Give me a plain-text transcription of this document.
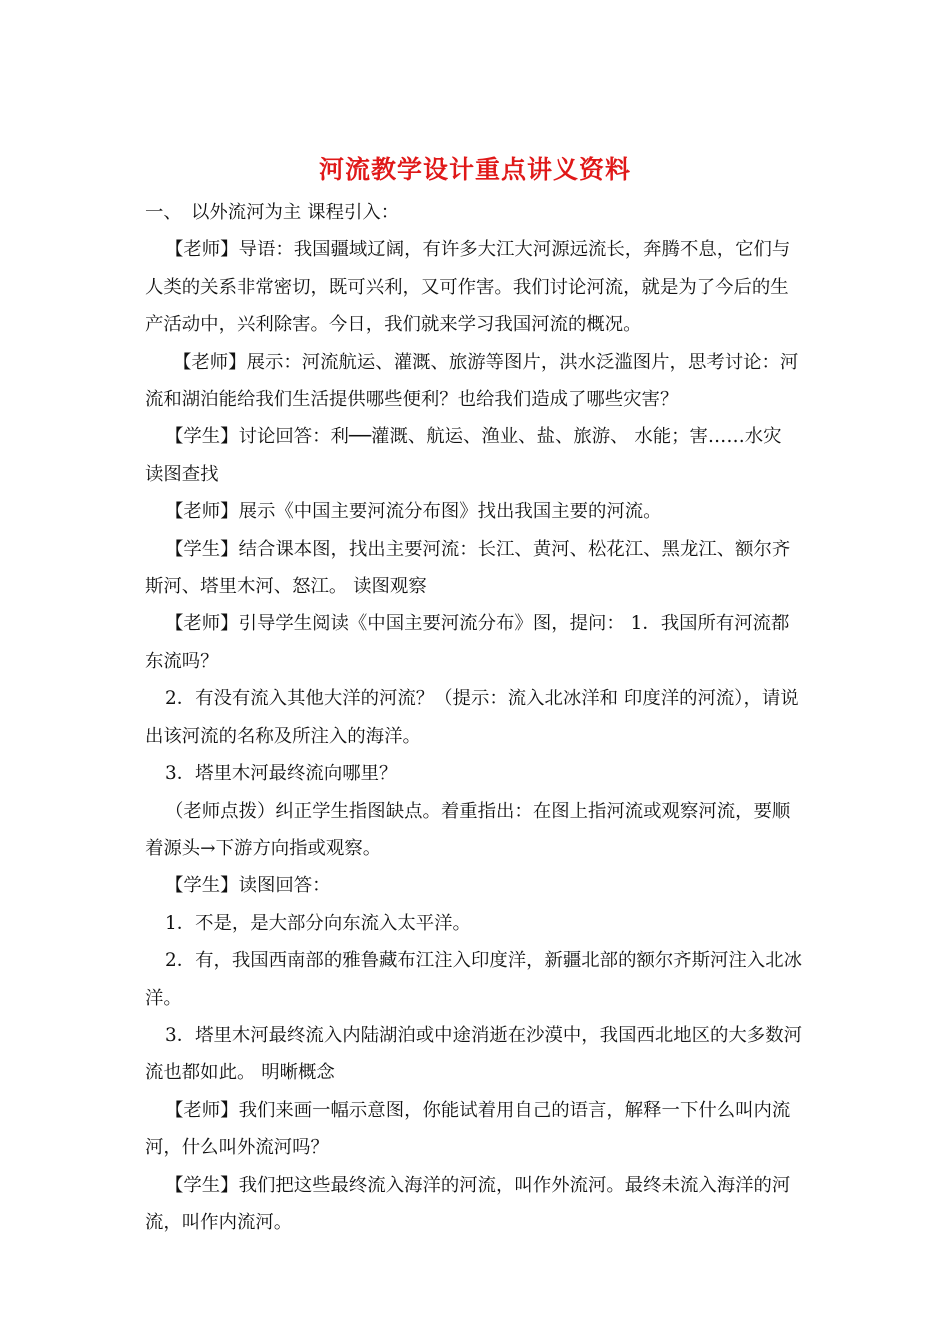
河流教学设计重点讲义资料

一、　以外流河为主 课程引入：

【老师】导语：我国疆域辽阔，有许多大江大河源远流长，奔腾不息，它们与人类的关系非常密切，既可兴利，又可作害。我们讨论河流，就是为了今后的生产活动中，兴利除害。今日，我们就来学习我国河流的概况。

【老师】展示：河流航运、灌溉、旅游等图片，洪水泛滥图片，思考讨论：河流和湖泊能给我们生活提供哪些便利？也给我们造成了哪些灾害？

【学生】讨论回答：利──灌溉、航运、渔业、盐、旅游、 水能；害……水灾 读图查找

【老师】展示《中国主要河流分布图》找出我国主要的河流。

【学生】结合课本图，找出主要河流：长江、黄河、松花江、黑龙江、额尔齐斯河、塔里木河、怒江。 读图观察

【老师】引导学生阅读《中国主要河流分布》图，提问： 1．我国所有河流都东流吗？

2．有没有流入其他大洋的河流？（提示：流入北冰洋和 印度洋的河流），请说出该河流的名称及所注入的海洋。

3．塔里木河最终流向哪里？

（老师点拨）纠正学生指图缺点。着重指出：在图上指河流或观察河流，要顺着源头→下游方向指或观察。

【学生】读图回答：

1．不是，是大部分向东流入太平洋。

2．有，我国西南部的雅鲁藏布江注入印度洋，新疆北部的额尔齐斯河注入北冰洋。

3．塔里木河最终流入内陆湖泊或中途消逝在沙漠中，我国西北地区的大多数河流也都如此。 明晰概念

【老师】我们来画一幅示意图，你能试着用自己的语言，解释一下什么叫内流河，什么叫外流河吗？

【学生】我们把这些最终流入海洋的河流，叫作外流河。最终未流入海洋的河流，叫作内流河。
